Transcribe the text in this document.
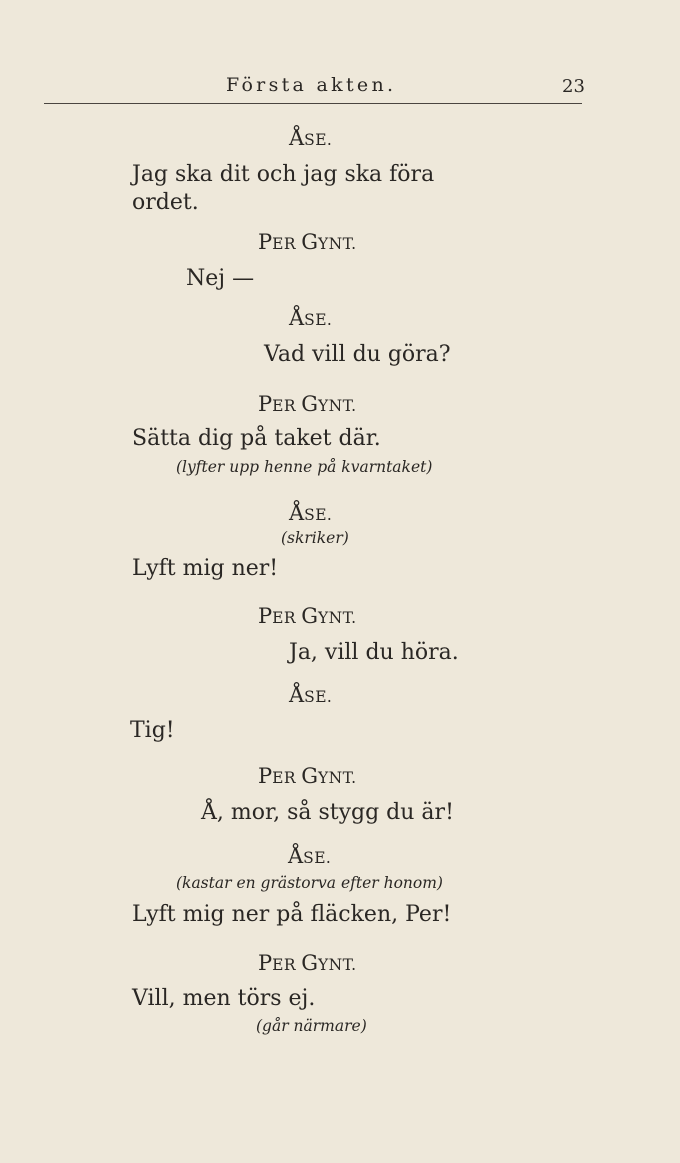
Första akten.	23
ÅSE.
Jag ska dit och jag ska föra
ordet.
PER GYNT.
Nej —
ÅSE.
Vad vill du göra?
PER GYNT.
Sätta dig på taket där.
(lyfter upp henne på kvarntaket)
ÅSE.
(skriker)
Lyft mig ner!
PER GYNT.
Ja, vill du höra.
ÅSE.
Tig!
PER GYNT.
Å, mor, så stygg du är!
ÅSE.
(kastar en grästorva efter honom)
Lyft mig ner på fläcken, Per!
PER GYNT.
Vill, men törs ej.
(går närmare)
